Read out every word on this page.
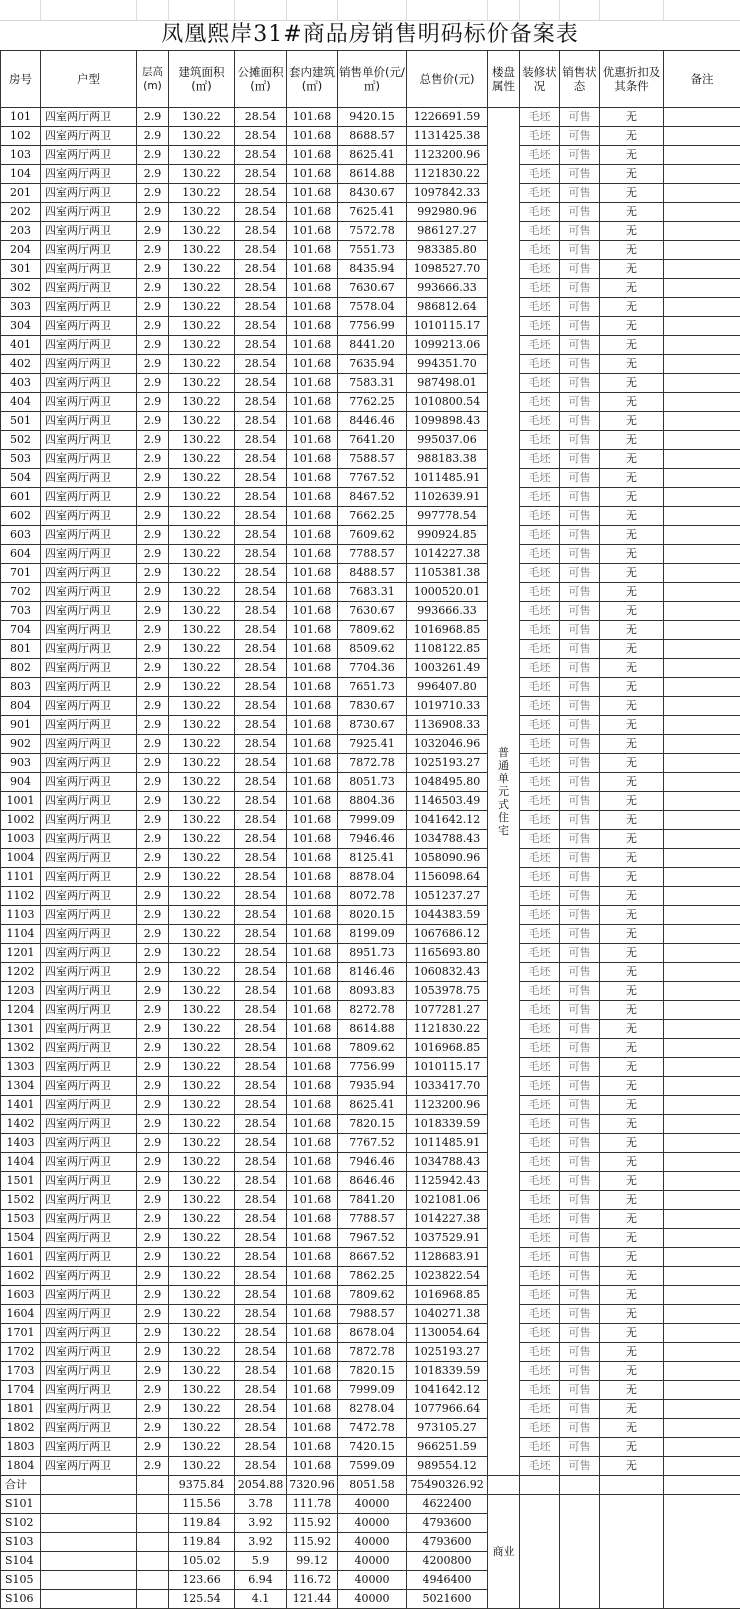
凤凰熙岸31#商品房销售明码标价备案表
房号	户型	层高(m)	建筑面积(㎡)	公摊面积(㎡)	套内建筑(㎡)	销售单价(元/㎡)	总售价(元)	楼盘属性	装修状况	销售状态	优惠折扣及其条件	备注
101	四室两厅两卫	2.9	130.22	28.54	101.68	9420.15	1226691.59	普通单元式住宅	毛坯	可售	无	
102	四室两厅两卫	2.9	130.22	28.54	101.68	8688.57	1131425.38		毛坯	可售	无	
103	四室两厅两卫	2.9	130.22	28.54	101.68	8625.41	1123200.96		毛坯	可售	无	
104	四室两厅两卫	2.9	130.22	28.54	101.68	8614.88	1121830.22		毛坯	可售	无	
201	四室两厅两卫	2.9	130.22	28.54	101.68	8430.67	1097842.33		毛坯	可售	无	
202	四室两厅两卫	2.9	130.22	28.54	101.68	7625.41	992980.96		毛坯	可售	无	
203	四室两厅两卫	2.9	130.22	28.54	101.68	7572.78	986127.27		毛坯	可售	无	
204	四室两厅两卫	2.9	130.22	28.54	101.68	7551.73	983385.80		毛坯	可售	无	
301	四室两厅两卫	2.9	130.22	28.54	101.68	8435.94	1098527.70		毛坯	可售	无	
302	四室两厅两卫	2.9	130.22	28.54	101.68	7630.67	993666.33		毛坯	可售	无	
303	四室两厅两卫	2.9	130.22	28.54	101.68	7578.04	986812.64		毛坯	可售	无	
304	四室两厅两卫	2.9	130.22	28.54	101.68	7756.99	1010115.17		毛坯	可售	无	
401	四室两厅两卫	2.9	130.22	28.54	101.68	8441.20	1099213.06		毛坯	可售	无	
402	四室两厅两卫	2.9	130.22	28.54	101.68	7635.94	994351.70		毛坯	可售	无	
403	四室两厅两卫	2.9	130.22	28.54	101.68	7583.31	987498.01		毛坯	可售	无	
404	四室两厅两卫	2.9	130.22	28.54	101.68	7762.25	1010800.54		毛坯	可售	无	
501	四室两厅两卫	2.9	130.22	28.54	101.68	8446.46	1099898.43		毛坯	可售	无	
502	四室两厅两卫	2.9	130.22	28.54	101.68	7641.20	995037.06		毛坯	可售	无	
503	四室两厅两卫	2.9	130.22	28.54	101.68	7588.57	988183.38		毛坯	可售	无	
504	四室两厅两卫	2.9	130.22	28.54	101.68	7767.52	1011485.91		毛坯	可售	无	
601	四室两厅两卫	2.9	130.22	28.54	101.68	8467.52	1102639.91		毛坯	可售	无	
602	四室两厅两卫	2.9	130.22	28.54	101.68	7662.25	997778.54		毛坯	可售	无	
603	四室两厅两卫	2.9	130.22	28.54	101.68	7609.62	990924.85		毛坯	可售	无	
604	四室两厅两卫	2.9	130.22	28.54	101.68	7788.57	1014227.38		毛坯	可售	无	
701	四室两厅两卫	2.9	130.22	28.54	101.68	8488.57	1105381.38		毛坯	可售	无	
702	四室两厅两卫	2.9	130.22	28.54	101.68	7683.31	1000520.01		毛坯	可售	无	
703	四室两厅两卫	2.9	130.22	28.54	101.68	7630.67	993666.33		毛坯	可售	无	
704	四室两厅两卫	2.9	130.22	28.54	101.68	7809.62	1016968.85		毛坯	可售	无	
801	四室两厅两卫	2.9	130.22	28.54	101.68	8509.62	1108122.85		毛坯	可售	无	
802	四室两厅两卫	2.9	130.22	28.54	101.68	7704.36	1003261.49		毛坯	可售	无	
803	四室两厅两卫	2.9	130.22	28.54	101.68	7651.73	996407.80		毛坯	可售	无	
804	四室两厅两卫	2.9	130.22	28.54	101.68	7830.67	1019710.33		毛坯	可售	无	
901	四室两厅两卫	2.9	130.22	28.54	101.68	8730.67	1136908.33		毛坯	可售	无	
902	四室两厅两卫	2.9	130.22	28.54	101.68	7925.41	1032046.96		毛坯	可售	无	
903	四室两厅两卫	2.9	130.22	28.54	101.68	7872.78	1025193.27		毛坯	可售	无	
904	四室两厅两卫	2.9	130.22	28.54	101.68	8051.73	1048495.80		毛坯	可售	无	
1001	四室两厅两卫	2.9	130.22	28.54	101.68	8804.36	1146503.49		毛坯	可售	无	
1002	四室两厅两卫	2.9	130.22	28.54	101.68	7999.09	1041642.12		毛坯	可售	无	
1003	四室两厅两卫	2.9	130.22	28.54	101.68	7946.46	1034788.43		毛坯	可售	无	
1004	四室两厅两卫	2.9	130.22	28.54	101.68	8125.41	1058090.96		毛坯	可售	无	
1101	四室两厅两卫	2.9	130.22	28.54	101.68	8878.04	1156098.64		毛坯	可售	无	
1102	四室两厅两卫	2.9	130.22	28.54	101.68	8072.78	1051237.27		毛坯	可售	无	
1103	四室两厅两卫	2.9	130.22	28.54	101.68	8020.15	1044383.59		毛坯	可售	无	
1104	四室两厅两卫	2.9	130.22	28.54	101.68	8199.09	1067686.12		毛坯	可售	无	
1201	四室两厅两卫	2.9	130.22	28.54	101.68	8951.73	1165693.80		毛坯	可售	无	
1202	四室两厅两卫	2.9	130.22	28.54	101.68	8146.46	1060832.43		毛坯	可售	无	
1203	四室两厅两卫	2.9	130.22	28.54	101.68	8093.83	1053978.75		毛坯	可售	无	
1204	四室两厅两卫	2.9	130.22	28.54	101.68	8272.78	1077281.27		毛坯	可售	无	
1301	四室两厅两卫	2.9	130.22	28.54	101.68	8614.88	1121830.22		毛坯	可售	无	
1302	四室两厅两卫	2.9	130.22	28.54	101.68	7809.62	1016968.85		毛坯	可售	无	
1303	四室两厅两卫	2.9	130.22	28.54	101.68	7756.99	1010115.17		毛坯	可售	无	
1304	四室两厅两卫	2.9	130.22	28.54	101.68	7935.94	1033417.70		毛坯	可售	无	
1401	四室两厅两卫	2.9	130.22	28.54	101.68	8625.41	1123200.96		毛坯	可售	无	
1402	四室两厅两卫	2.9	130.22	28.54	101.68	7820.15	1018339.59		毛坯	可售	无	
1403	四室两厅两卫	2.9	130.22	28.54	101.68	7767.52	1011485.91		毛坯	可售	无	
1404	四室两厅两卫	2.9	130.22	28.54	101.68	7946.46	1034788.43		毛坯	可售	无	
1501	四室两厅两卫	2.9	130.22	28.54	101.68	8646.46	1125942.43		毛坯	可售	无	
1502	四室两厅两卫	2.9	130.22	28.54	101.68	7841.20	1021081.06		毛坯	可售	无	
1503	四室两厅两卫	2.9	130.22	28.54	101.68	7788.57	1014227.38		毛坯	可售	无	
1504	四室两厅两卫	2.9	130.22	28.54	101.68	7967.52	1037529.91		毛坯	可售	无	
1601	四室两厅两卫	2.9	130.22	28.54	101.68	8667.52	1128683.91		毛坯	可售	无	
1602	四室两厅两卫	2.9	130.22	28.54	101.68	7862.25	1023822.54		毛坯	可售	无	
1603	四室两厅两卫	2.9	130.22	28.54	101.68	7809.62	1016968.85		毛坯	可售	无	
1604	四室两厅两卫	2.9	130.22	28.54	101.68	7988.57	1040271.38		毛坯	可售	无	
1701	四室两厅两卫	2.9	130.22	28.54	101.68	8678.04	1130054.64		毛坯	可售	无	
1702	四室两厅两卫	2.9	130.22	28.54	101.68	7872.78	1025193.27		毛坯	可售	无	
1703	四室两厅两卫	2.9	130.22	28.54	101.68	7820.15	1018339.59		毛坯	可售	无	
1704	四室两厅两卫	2.9	130.22	28.54	101.68	7999.09	1041642.12		毛坯	可售	无	
1801	四室两厅两卫	2.9	130.22	28.54	101.68	8278.04	1077966.64		毛坯	可售	无	
1802	四室两厅两卫	2.9	130.22	28.54	101.68	7472.78	973105.27		毛坯	可售	无	
1803	四室两厅两卫	2.9	130.22	28.54	101.68	7420.15	966251.59		毛坯	可售	无	
1804	四室两厅两卫	2.9	130.22	28.54	101.68	7599.09	989554.12		毛坯	可售	无	
合计			9375.84	2054.88	7320.96	8051.58	75490326.92					
S101			115.56	3.78	111.78	40000	4622400	商业				
S102			119.84	3.92	115.92	40000	4793600					
S103			119.84	3.92	115.92	40000	4793600					
S104			105.02	5.9	99.12	40000	4200800					
S105			123.66	6.94	116.72	40000	4946400					
S106			125.54	4.1	121.44	40000	5021600					
